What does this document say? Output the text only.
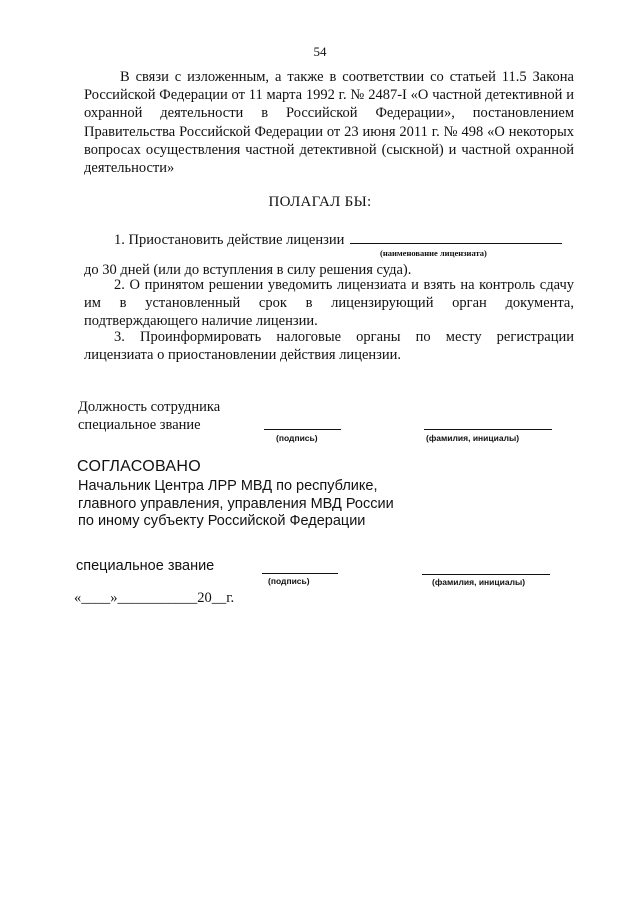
54
В связи с изложенным, а также в соответствии со статьей 11.5 Закона Российской Федерации от 11 марта 1992 г. № 2487-I «О частной детективной и охранной деятельности в Российской Федерации», постановлением Правительства Российской Федерации от 23 июня 2011 г. № 498 «О некоторых вопросах осуществления частной детективной (сыскной) и частной охранной деятельности»
ПОЛАГАЛ БЫ:
1. Приостановить действие лицензии
(наименование лицензиата)
до 30 дней (или до вступления в силу решения суда).
2. О принятом решении уведомить лицензиата и взять на контроль сдачу им в установленный срок в лицензирующий орган документа, подтверждающего наличие лицензии.
3. Проинформировать налоговые органы по месту регистрации лицензиата о приостановлении действия лицензии.
Должность сотрудника
специальное звание
(подпись)	(фамилия, инициалы)
СОГЛАСОВАНО
Начальник Центра ЛРР МВД по республике,
главного управления, управления МВД России
по иному субъекту Российской Федерации
специальное звание
(подпись)	(фамилия, инициалы)
«____»___________20__г.
